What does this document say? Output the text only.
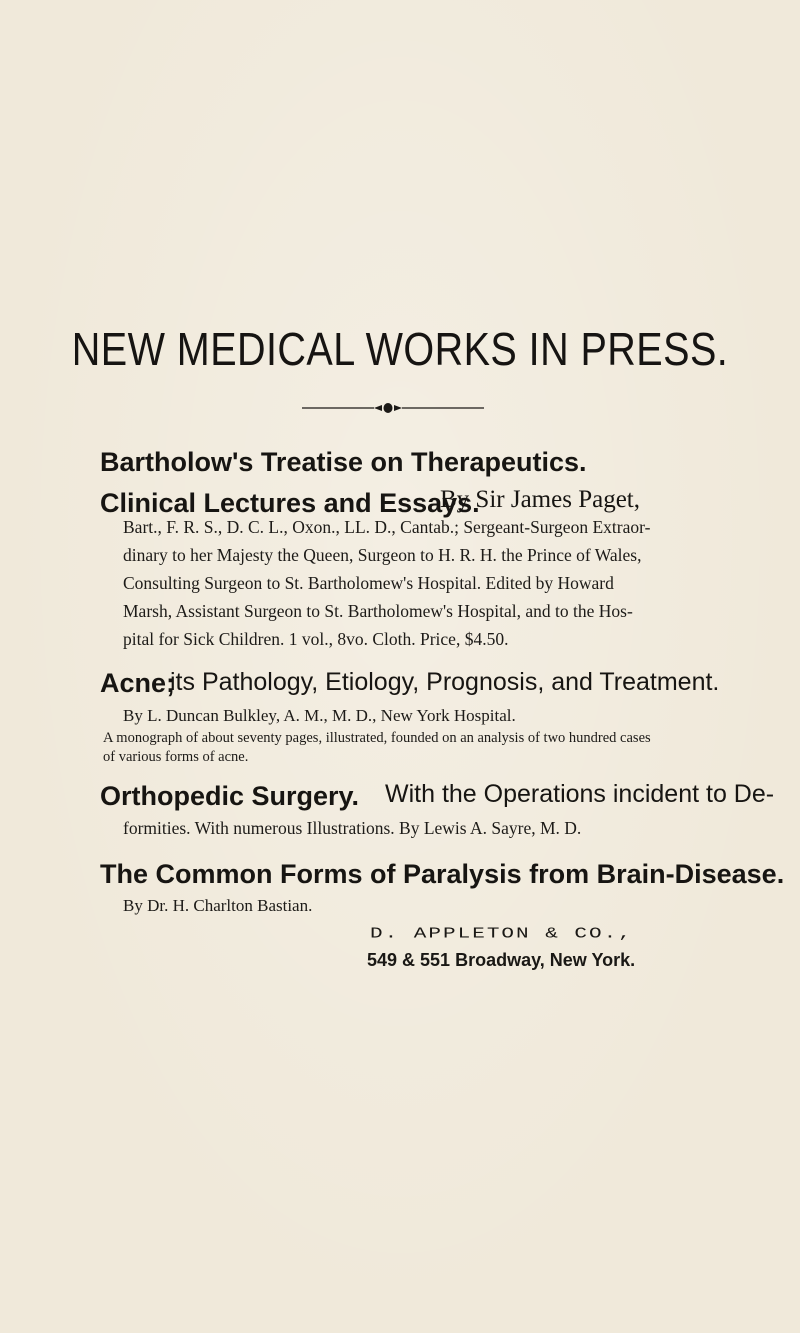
NEW MEDICAL WORKS IN PRESS.

Bartholow's Treatise on Therapeutics.

Clinical Lectures and Essays.

By Sir James Paget,

Bart., F. R. S., D. C. L., Oxon., LL. D., Cantab.; Sergeant-Surgeon Extraor-

dinary to her Majesty the Queen, Surgeon to H. R. H. the Prince of Wales,

Consulting Surgeon to St. Bartholomew's Hospital. Edited by Howard

Marsh, Assistant Surgeon to St. Bartholomew's Hospital, and to the Hos-

pital for Sick Children. 1 vol., 8vo. Cloth. Price, $4.50.

Acne;

its Pathology, Etiology, Prognosis, and Treatment.

By L. Duncan Bulkley, A. M., M. D., New York Hospital.

A monograph of about seventy pages, illustrated, founded on an analysis of two hundred cases

of various forms of acne.

Orthopedic Surgery. With the Operations incident to De-

formities. With numerous Illustrations. By Lewis A. Sayre, M. D.

The Common Forms of Paralysis from Brain-Disease.

By Dr. H. Charlton Bastian.

D. APPLETON & CO.,

549 & 551 Broadway, New York.
